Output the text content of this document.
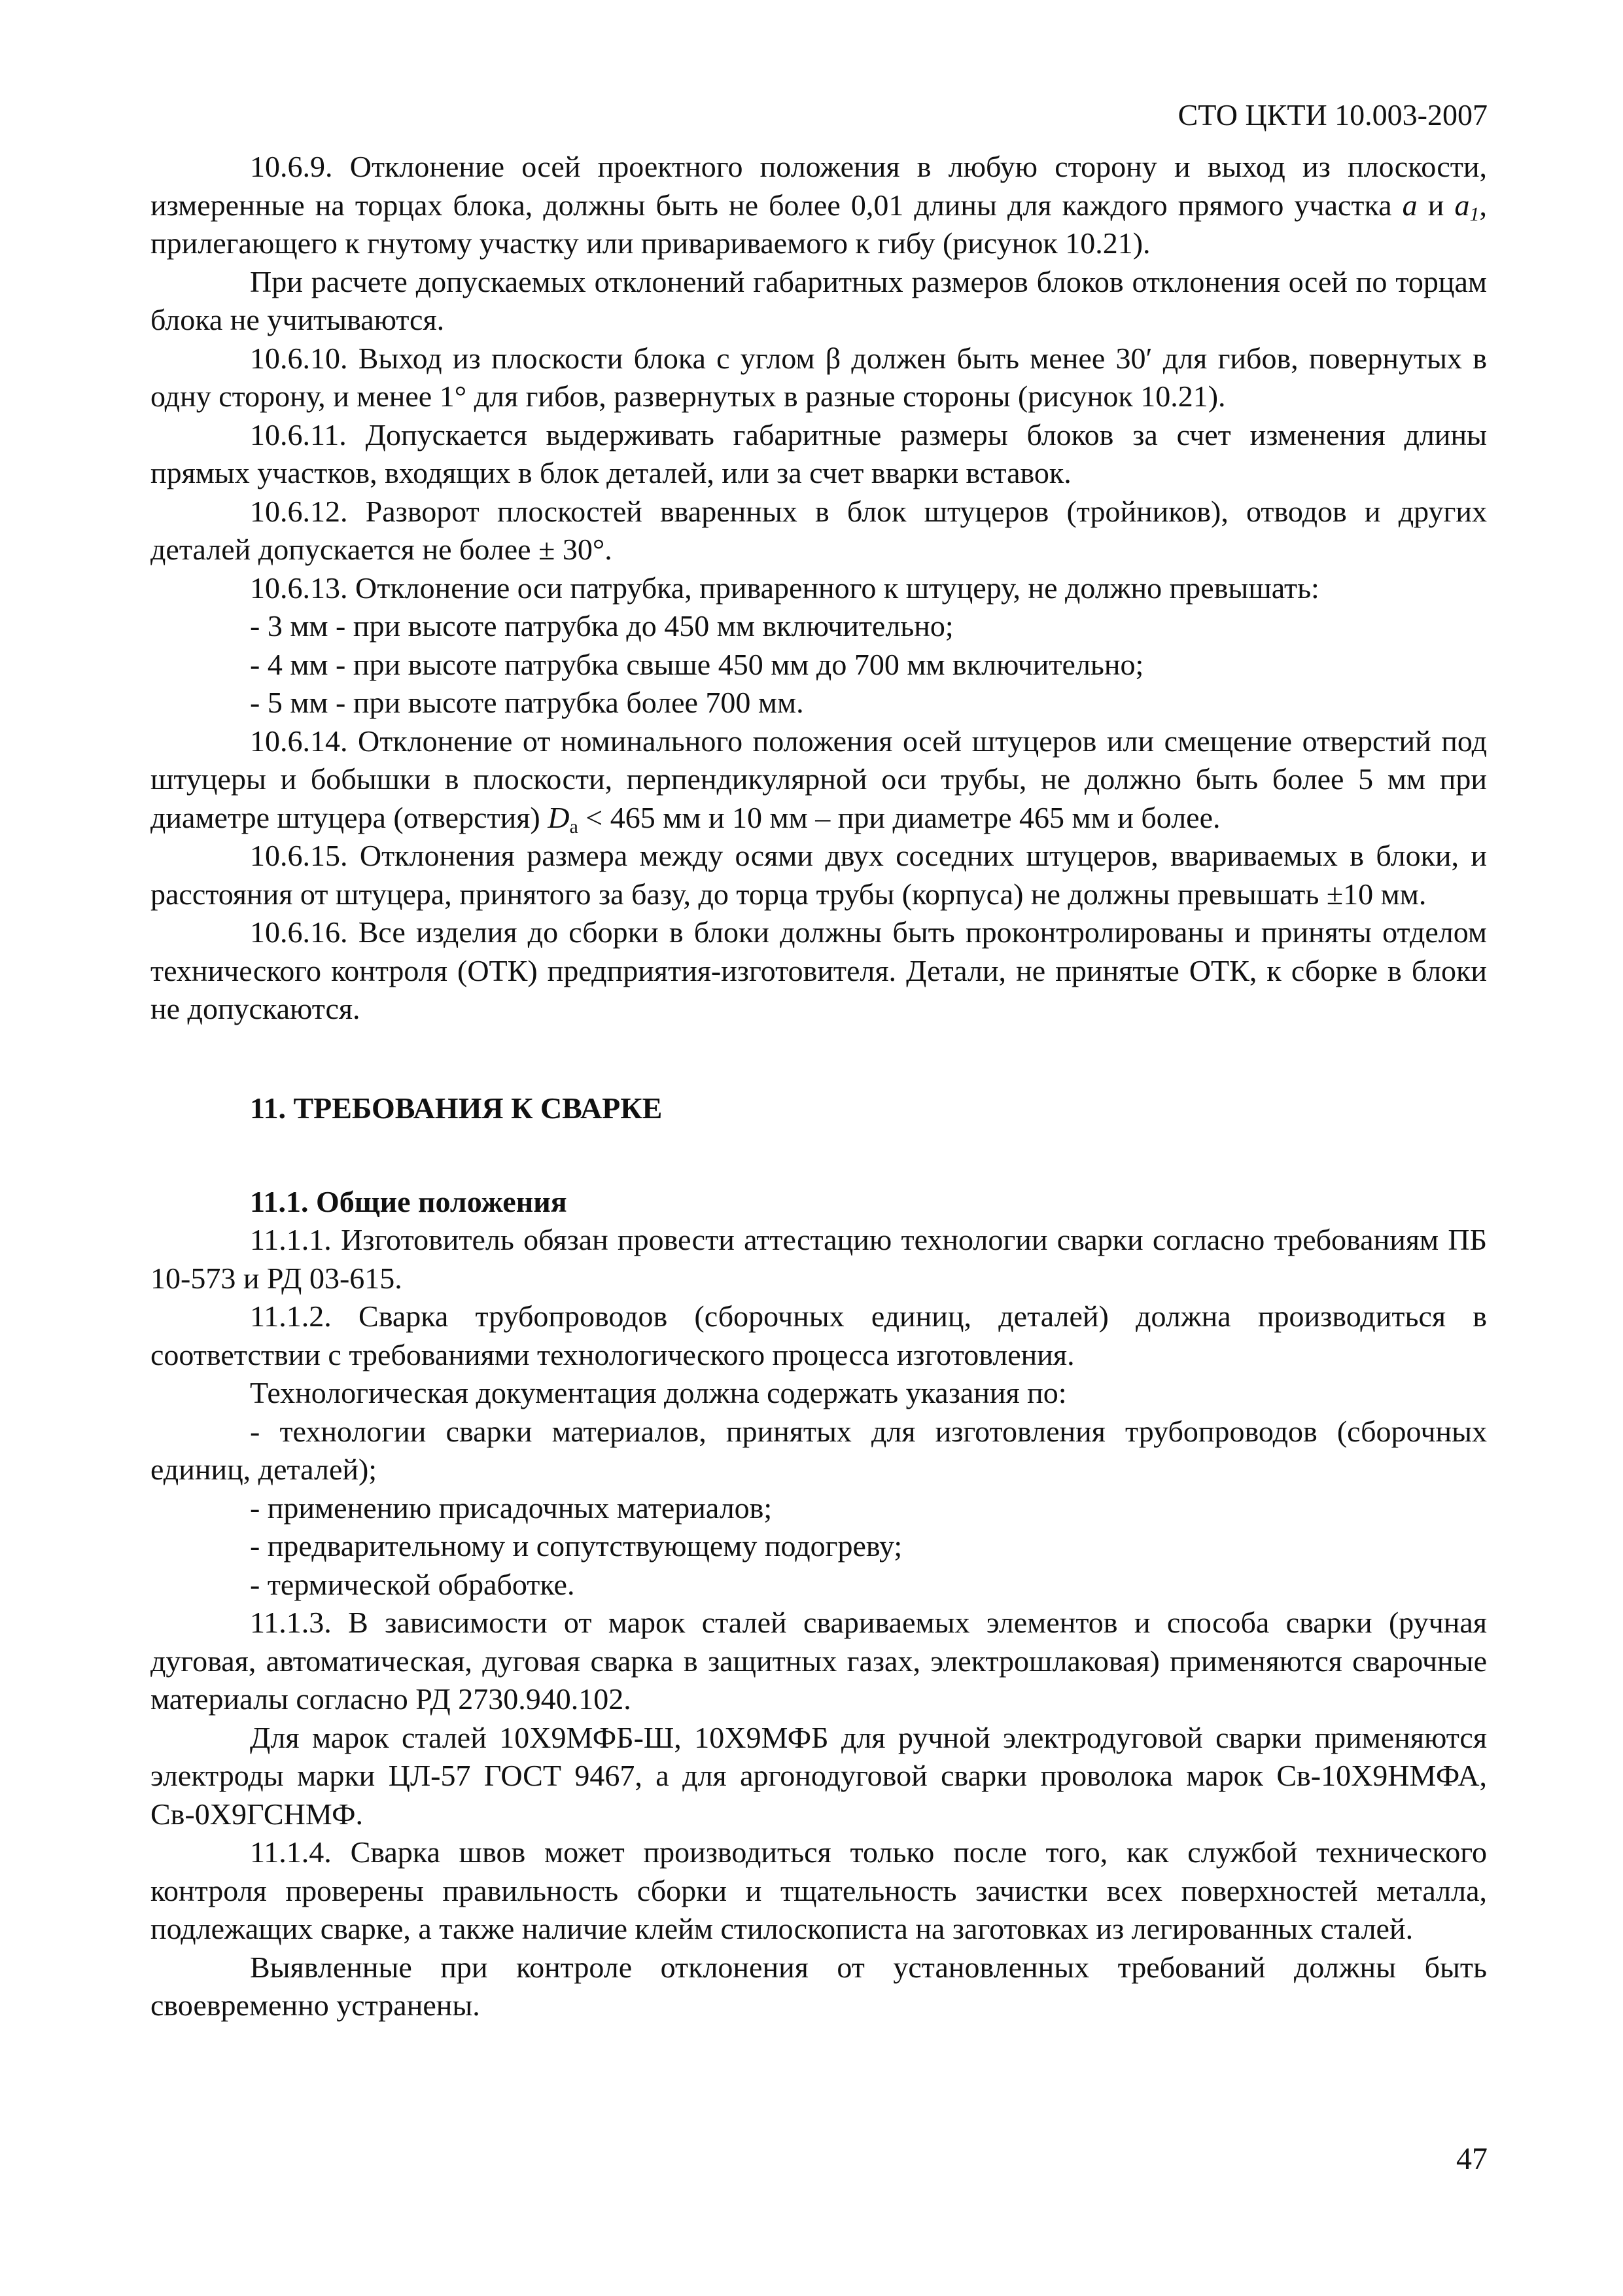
СТО ЦКТИ 10.003-2007

10.6.9. Отклонение осей проектного положения в любую сторону и выход из плоскости, измеренные на торцах блока, должны быть не более 0,01 длины для каждого прямого участка a и $a_1$, прилегающего к гнутому участку или привариваемого к гибу (рисунок 10.21).

При расчете допускаемых отклонений габаритных размеров блоков отклонения осей по торцам блока не учитываются.

10.6.10. Выход из плоскости блока с углом β должен быть менее 30′ для гибов, повернутых в одну сторону, и менее 1° для гибов, развернутых в разные стороны (рисунок 10.21).

10.6.11. Допускается выдерживать габаритные размеры блоков за счет изменения длины прямых участков, входящих в блок деталей, или за счет вварки вставок.

10.6.12. Разворот плоскостей вваренных в блок штуцеров (тройников), отводов и других деталей допускается не более ± 30°.

10.6.13. Отклонение оси патрубка, приваренного к штуцеру, не должно превышать:

- 3 мм - при высоте патрубка до 450 мм включительно;

- 4 мм - при высоте патрубка свыше 450 мм до 700 мм включительно;

- 5 мм - при высоте патрубка более 700 мм.

10.6.14. Отклонение от номинального положения осей штуцеров или смещение отверстий под штуцеры и бобышки в плоскости, перпендикулярной оси трубы, не должно быть более 5 мм при диаметре штуцера (отверстия) $D_a < 465$ мм и 10 мм – при диаметре 465 мм и более.

10.6.15. Отклонения размера между осями двух соседних штуцеров, ввариваемых в блоки, и расстояния от штуцера, принятого за базу, до торца трубы (корпуса) не должны превышать ±10 мм.

10.6.16. Все изделия до сборки в блоки должны быть проконтролированы и приняты отделом технического контроля (ОТК) предприятия-изготовителя. Детали, не принятые ОТК, к сборке в блоки не допускаются.

11. ТРЕБОВАНИЯ К СВАРКЕ
11.1. Общие положения

11.1.1. Изготовитель обязан провести аттестацию технологии сварки согласно требованиям ПБ 10-573 и РД 03-615.

11.1.2. Сварка трубопроводов (сборочных единиц, деталей) должна производиться в соответствии с требованиями технологического процесса изготовления.

Технологическая документация должна содержать указания по:

- технологии сварки материалов, принятых для изготовления трубопроводов (сборочных единиц, деталей);

- применению присадочных материалов;

- предварительному и сопутствующему подогреву;

- термической обработке.

11.1.3. В зависимости от марок сталей свариваемых элементов и способа сварки (ручная дуговая, автоматическая, дуговая сварка в защитных газах, электрошлаковая) применяются сварочные материалы согласно РД 2730.940.102.

Для марок сталей 10Х9МФБ-Ш, 10Х9МФБ для ручной электродуговой сварки применяются электроды марки ЦЛ-57 ГОСТ 9467, а для аргонодуговой сварки проволока марок Св-10Х9НМФА, Св-0Х9ГСНМФ.

11.1.4. Сварка швов может производиться только после того, как службой технического контроля проверены правильность сборки и тщательность зачистки всех поверхностей металла, подлежащих сварке, а также наличие клейм стилоскописта на заготовках из легированных сталей.

Выявленные при контроле отклонения от установленных требований должны быть своевременно устранены.

47
